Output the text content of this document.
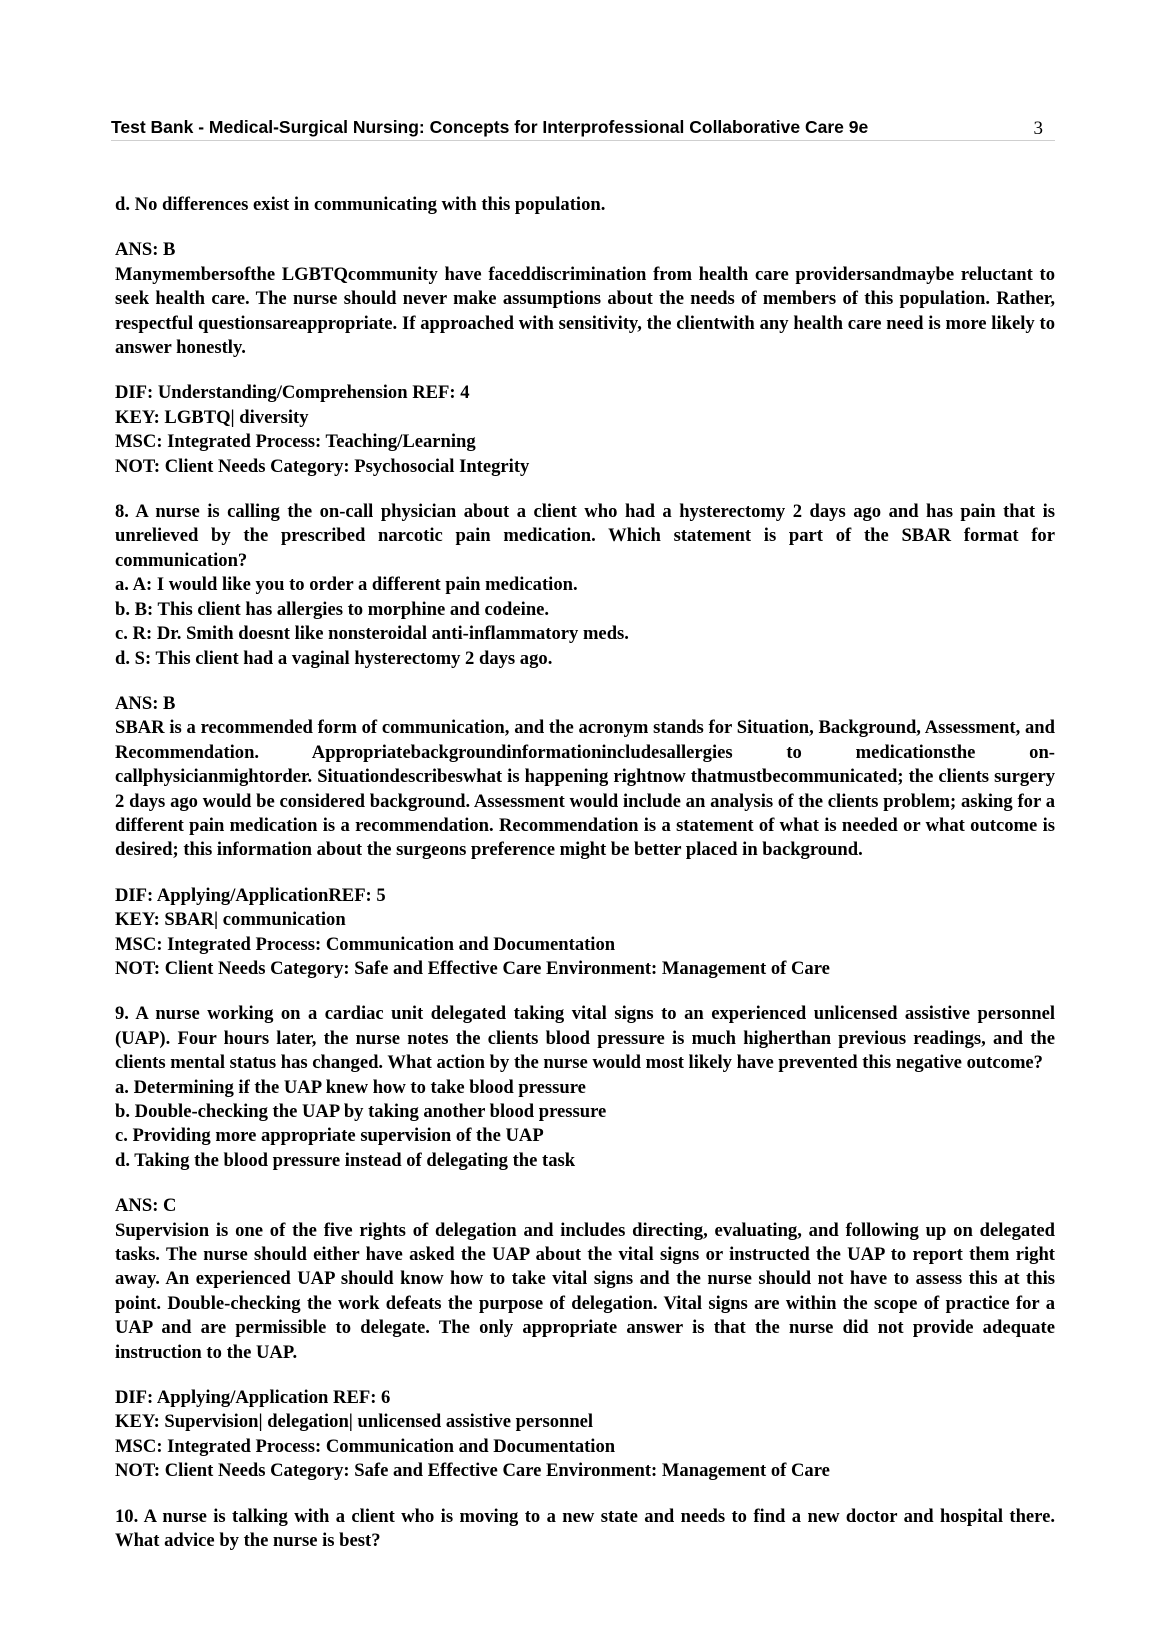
Test Bank - Medical-Surgical Nursing: Concepts for Interprofessional Collaborative Care 9e	3
d. No differences exist in communicating with this population.
ANS: B
Manymembersofthe LGBTQcommunity have faceddiscrimination from health care providersandmaybe reluctant to seek health care. The nurse should never make assumptions about the needs of members of this population. Rather, respectful questionsareappropriate. If approached with sensitivity, the clientwith any health care need is more likely to answer honestly.
DIF: Understanding/Comprehension REF: 4
KEY: LGBTQ| diversity
MSC: Integrated Process: Teaching/Learning
NOT: Client Needs Category: Psychosocial Integrity
8. A nurse is calling the on-call physician about a client who had a hysterectomy 2 days ago and has pain that is unrelieved by the prescribed narcotic pain medication. Which statement is part of the SBAR format for communication?
a. A: I would like you to order a different pain medication.
b. B: This client has allergies to morphine and codeine.
c. R: Dr. Smith doesnt like nonsteroidal anti-inflammatory meds.
d. S: This client had a vaginal hysterectomy 2 days ago.
ANS: B
SBAR is a recommended form of communication, and the acronym stands for Situation, Background, Assessment, and Recommendation. Appropriatebackgroundinformationincludesallergies to medicationsthe on-callphysicianmightorder. Situationdescribeswhat is happening rightnow thatmustbecommunicated; the clients surgery 2 days ago would be considered background. Assessment would include an analysis of the clients problem; asking for a different pain medication is a recommendation. Recommendation is a statement of what is needed or what outcome is desired; this information about the surgeons preference might be better placed in background.
DIF: Applying/ApplicationREF: 5
KEY: SBAR| communication
MSC: Integrated Process: Communication and Documentation
NOT: Client Needs Category: Safe and Effective Care Environment: Management of Care
9. A nurse working on a cardiac unit delegated taking vital signs to an experienced unlicensed assistive personnel (UAP). Four hours later, the nurse notes the clients blood pressure is much higherthan previous readings, and the clients mental status has changed. What action by the nurse would most likely have prevented this negative outcome?
a. Determining if the UAP knew how to take blood pressure
b. Double-checking the UAP by taking another blood pressure
c. Providing more appropriate supervision of the UAP
d. Taking the blood pressure instead of delegating the task
ANS: C
Supervision is one of the five rights of delegation and includes directing, evaluating, and following up on delegated tasks. The nurse should either have asked the UAP about the vital signs or instructed the UAP to report them right away. An experienced UAP should know how to take vital signs and the nurse should not have to assess this at this point. Double-checking the work defeats the purpose of delegation. Vital signs are within the scope of practice for a UAP and are permissible to delegate. The only appropriate answer is that the nurse did not provide adequate instruction to the UAP.
DIF: Applying/Application REF: 6
KEY: Supervision| delegation| unlicensed assistive personnel
MSC: Integrated Process: Communication and Documentation
NOT: Client Needs Category: Safe and Effective Care Environment: Management of Care
10. A nurse is talking with a client who is moving to a new state and needs to find a new doctor and hospital there. What advice by the nurse is best?
